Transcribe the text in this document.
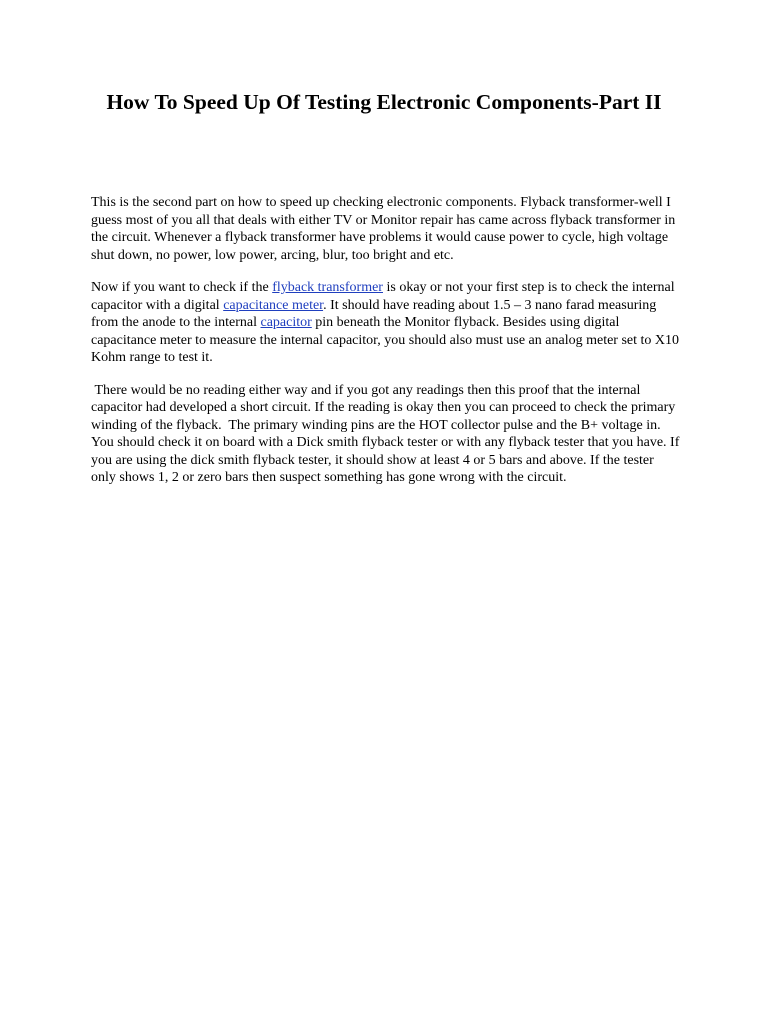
How To Speed Up Of Testing Electronic Components-Part II

This is the second part on how to speed up checking electronic components. Flyback transformer-well I guess most of you all that deals with either TV or Monitor repair has came across flyback transformer in the circuit. Whenever a flyback transformer have problems it would cause power to cycle, high voltage shut down, no power, low power, arcing, blur, too bright and etc.

Now if you want to check if the flyback transformer is okay or not your first step is to check the internal capacitor with a digital capacitance meter. It should have reading about 1.5 – 3 nano farad measuring from the anode to the internal capacitor pin beneath the Monitor flyback. Besides using digital capacitance meter to measure the internal capacitor, you should also must use an analog meter set to X10 Kohm range to test it.

There would be no reading either way and if you got any readings then this proof that the internal capacitor had developed a short circuit. If the reading is okay then you can proceed to check the primary winding of the flyback.  The primary winding pins are the HOT collector pulse and the B+ voltage in. You should check it on board with a Dick smith flyback tester or with any flyback tester that you have. If you are using the dick smith flyback tester, it should show at least 4 or 5 bars and above. If the tester only shows 1, 2 or zero bars then suspect something has gone wrong with the circuit.
